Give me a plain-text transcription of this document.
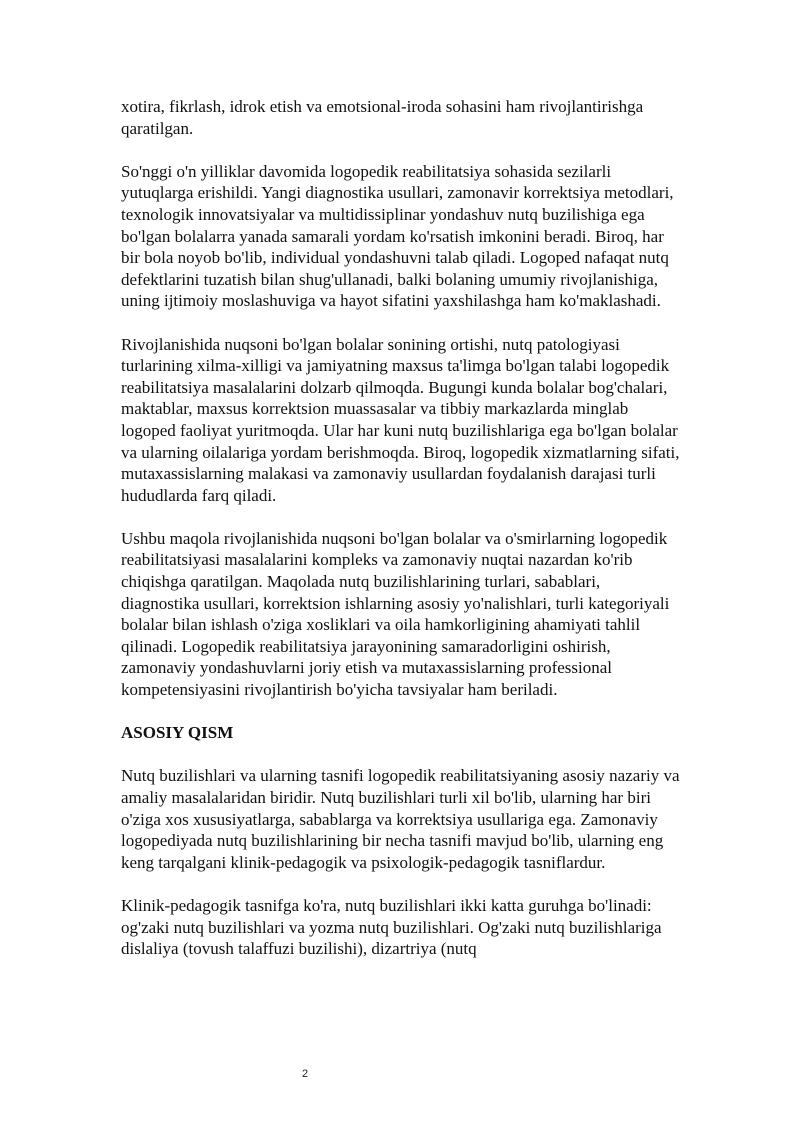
xotira, fikrlash, idrok etish va emotsional-iroda sohasini ham rivojlantirishga qaratilgan.

So'nggi o'n yilliklar davomida logopedik reabilitatsiya sohasida sezilarli yutuqlarga erishildi. Yangi diagnostika usullari, zamonavir korrektsiya metodlari, texnologik innovatsiyalar va multidissiplinar yondashuv nutq buzilishiga ega bo'lgan bolalarra yanada samarali yordam ko'rsatish imkonini beradi. Biroq, har bir bola noyob bo'lib, individual yondashuvni talab qiladi. Logoped nafaqat nutq defektlarini tuzatish bilan shug'ullanadi, balki bolaning umumiy rivojlanishiga, uning ijtimoiy moslashuviga va hayot sifatini yaxshilashga ham ko'maklashadi.

Rivojlanishida nuqsoni bo'lgan bolalar sonining ortishi, nutq patologiyasi turlarining xilma-xilligi va jamiyatning maxsus ta'limga bo'lgan talabi logopedik reabilitatsiya masalalarini dolzarb qilmoqda. Bugungi kunda bolalar bog'chalari, maktablar, maxsus korrektsion muassasalar va tibbiy markazlarda minglab logoped faoliyat yuritmoqda. Ular har kuni nutq buzilishlariga ega bo'lgan bolalar va ularning oilalariga yordam berishmoqda. Biroq, logopedik xizmatlarning sifati, mutaxassislarning malakasi va zamonaviy usullardan foydalanish darajasi turli hududlarda farq qiladi.

Ushbu maqola rivojlanishida nuqsoni bo'lgan bolalar va o'smirlarning logopedik reabilitatsiyasi masalalarini kompleks va zamonaviy nuqtai nazardan ko'rib chiqishga qaratilgan. Maqolada nutq buzilishlarining turlari, sabablari, diagnostika usullari, korrektsion ishlarning asosiy yo'nalishlari, turli kategoriyali bolalar bilan ishlash o'ziga xosliklari va oila hamkorligining ahamiyati tahlil qilinadi. Logopedik reabilitatsiya jarayonining samaradorligini oshirish, zamonaviy yondashuvlarni joriy etish va mutaxassislarning professional kompetensiyasini rivojlantirish bo'yicha tavsiyalar ham beriladi.

ASOSIY QISM

Nutq buzilishlari va ularning tasnifi logopedik reabilitatsiyaning asosiy nazariy va amaliy masalalaridan biridir. Nutq buzilishlari turli xil bo'lib, ularning har biri o'ziga xos xususiyatlarga, sabablarga va korrektsiya usullariga ega. Zamonaviy logopediyada nutq buzilishlarining bir necha tasnifi mavjud bo'lib, ularning eng keng tarqalgani klinik-pedagogik va psixologik-pedagogik tasniflardur.

Klinik-pedagogik tasnifga ko'ra, nutq buzilishlari ikki katta guruhga bo'linadi: og'zaki nutq buzilishlari va yozma nutq buzilishlari. Og'zaki nutq buzilishlariga dislaliya (tovush talaffuzi buzilishi), dizartriya (nutq

2
